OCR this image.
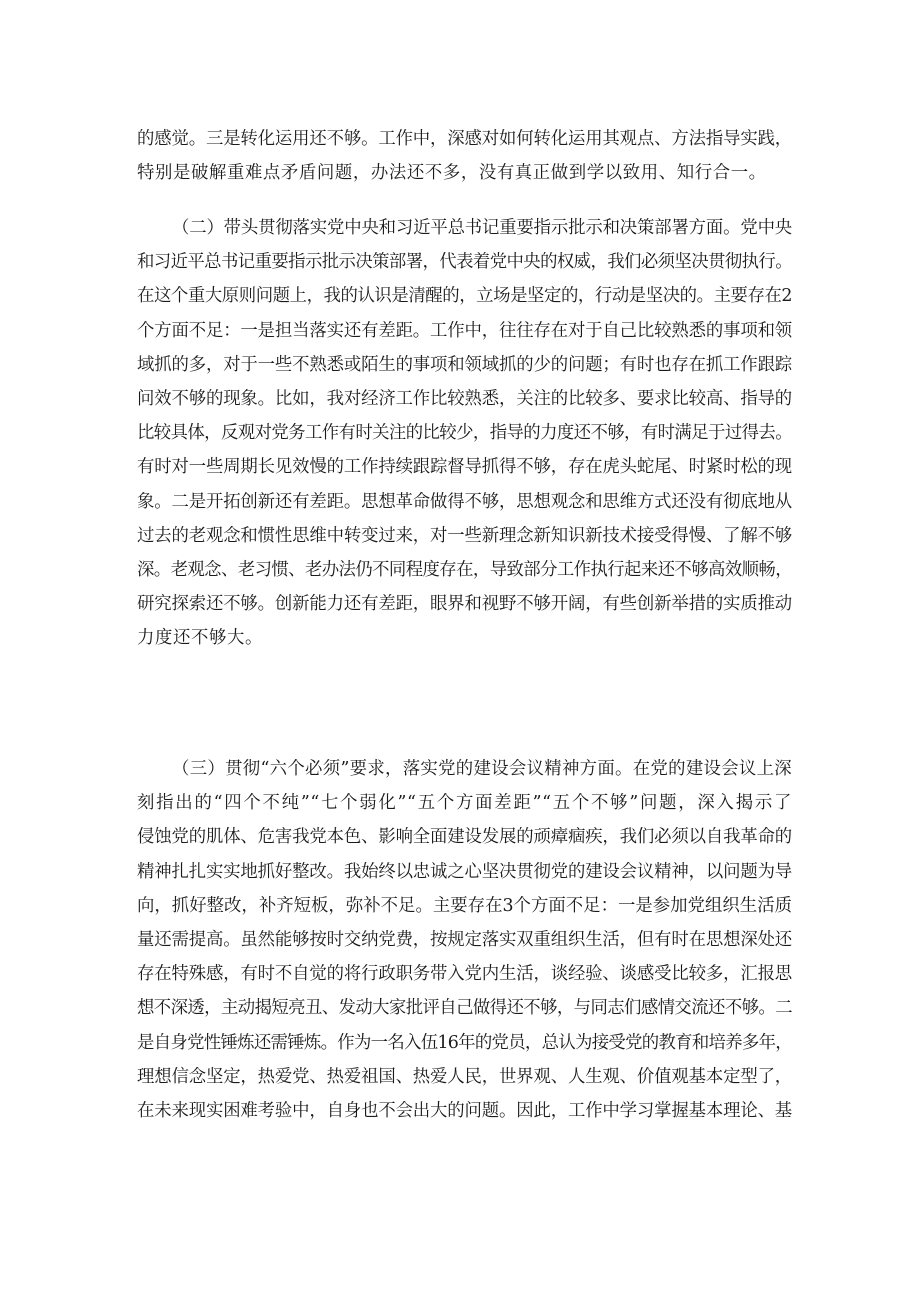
的感觉。三是转化运用还不够。工作中，深感对如何转化运用其观点、方法指导实践，
特别是破解重难点矛盾问题，办法还不多，没有真正做到学以致用、知行合一。
（二）带头贯彻落实党中央和习近平总书记重要指示批示和决策部署方面。党中央
和习近平总书记重要指示批示决策部署，代表着党中央的权威，我们必须坚决贯彻执行。
在这个重大原则问题上，我的认识是清醒的，立场是坚定的，行动是坚决的。主要存在2
个方面不足：一是担当落实还有差距。工作中，往往存在对于自己比较熟悉的事项和领
域抓的多，对于一些不熟悉或陌生的事项和领域抓的少的问题；有时也存在抓工作跟踪
问效不够的现象。比如，我对经济工作比较熟悉，关注的比较多、要求比较高、指导的
比较具体，反观对党务工作有时关注的比较少，指导的力度还不够，有时满足于过得去。
有时对一些周期长见效慢的工作持续跟踪督导抓得不够，存在虎头蛇尾、时紧时松的现
象。二是开拓创新还有差距。思想革命做得不够，思想观念和思维方式还没有彻底地从
过去的老观念和惯性思维中转变过来，对一些新理念新知识新技术接受得慢、了解不够
深。老观念、老习惯、老办法仍不同程度存在，导致部分工作执行起来还不够高效顺畅，
研究探索还不够。创新能力还有差距，眼界和视野不够开阔，有些创新举措的实质推动
力度还不够大。
（三）贯彻“六个必须”要求，落实党的建设会议精神方面。在党的建设会议上深
刻指出的“四个不纯”“七个弱化”“五个方面差距”“五个不够”问题，深入揭示了
侵蚀党的肌体、危害我党本色、影响全面建设发展的顽瘴痼疾，我们必须以自我革命的
精神扎扎实实地抓好整改。我始终以忠诚之心坚决贯彻党的建设会议精神，以问题为导
向，抓好整改，补齐短板，弥补不足。主要存在3个方面不足：一是参加党组织生活质
量还需提高。虽然能够按时交纳党费，按规定落实双重组织生活，但有时在思想深处还
存在特殊感，有时不自觉的将行政职务带入党内生活，谈经验、谈感受比较多，汇报思
想不深透，主动揭短亮丑、发动大家批评自己做得还不够，与同志们感情交流还不够。二
是自身党性锤炼还需锤炼。作为一名入伍16年的党员，总认为接受党的教育和培养多年，
理想信念坚定，热爱党、热爱祖国、热爱人民，世界观、人生观、价值观基本定型了，
在未来现实困难考验中，自身也不会出大的问题。因此，工作中学习掌握基本理论、基
